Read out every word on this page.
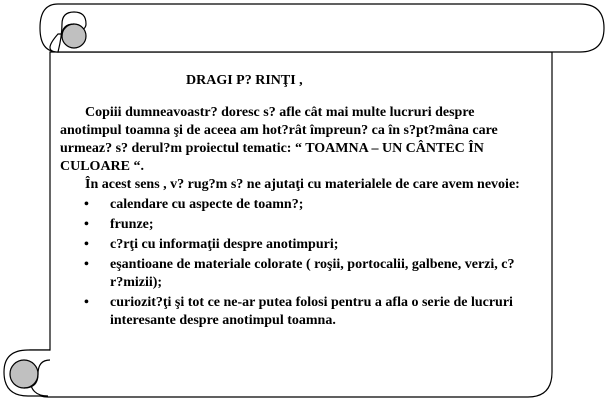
DRAGI P? RINŢI ,

Copiii dumneavoastr? doresc s? afle cât mai multe lucruri despre anotimpul toamna şi de aceea am hot?rât împreun? ca în s?pt?mâna care urmeaz? s? derul?m proiectul tematic: “ TOAMNA – UN CÂNTEC ÎN CULOARE “.

În acest sens , v? rug?m s? ne ajutaţi cu materialele de care avem nevoie:

• calendare cu aspecte de toamn?;
• frunze;
• c?rţi cu informaţii despre anotimpuri;
• eşantioane de materiale colorate ( roşii, portocalii, galbene, verzi, c?r?mizii);
• curiozit?ţi şi tot ce ne-ar putea folosi pentru a afla o serie de lucruri interesante despre anotimpul toamna.
